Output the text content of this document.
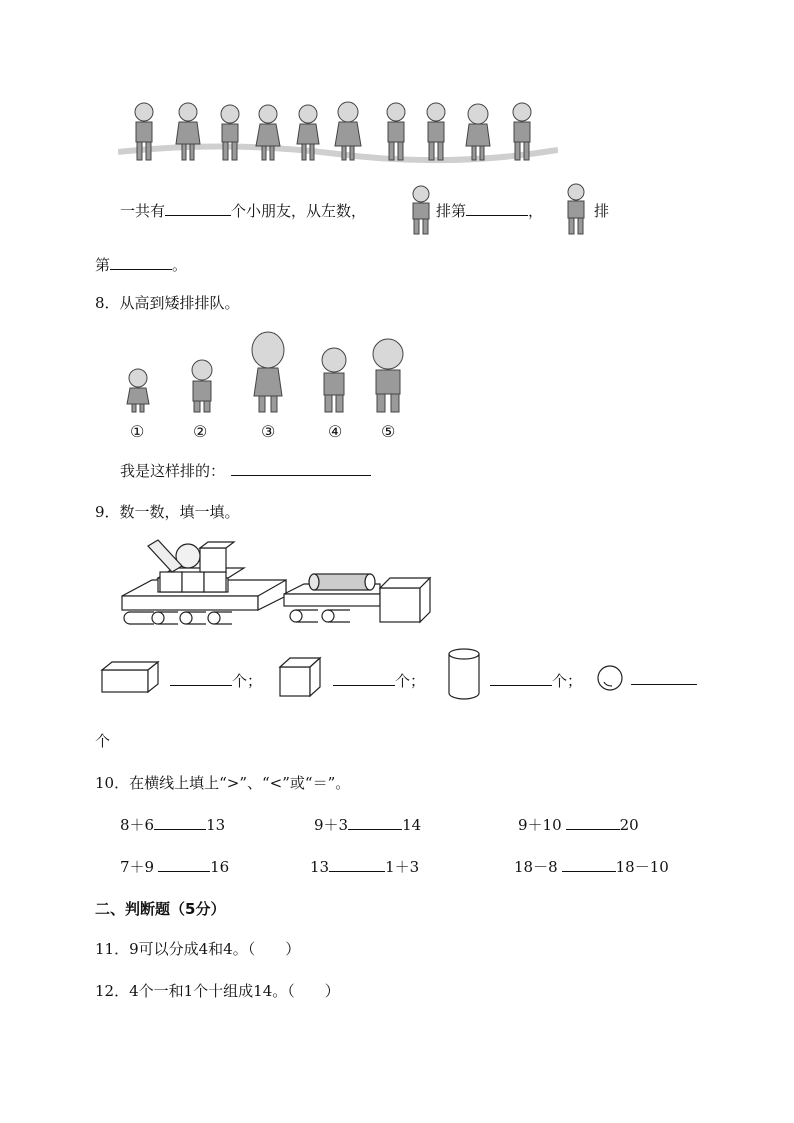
一共有	个小朋友，从左数，	排第	，	排
第	。
8．从高到矮排排队。
①	②	③	④ ⑤
我是这样排的：
9．数一数，填一填。
个；	个；	个；
个
10．在横线上填上“>”、“<”或“＝”。
8＋6	13	9＋3	14	9＋10	20
7＋9	16	13	1＋3	18－8	18－10
二、判断题（5分）
11．9可以分成4和4。（　　）
12．4个一和1个十组成14。（　　）
